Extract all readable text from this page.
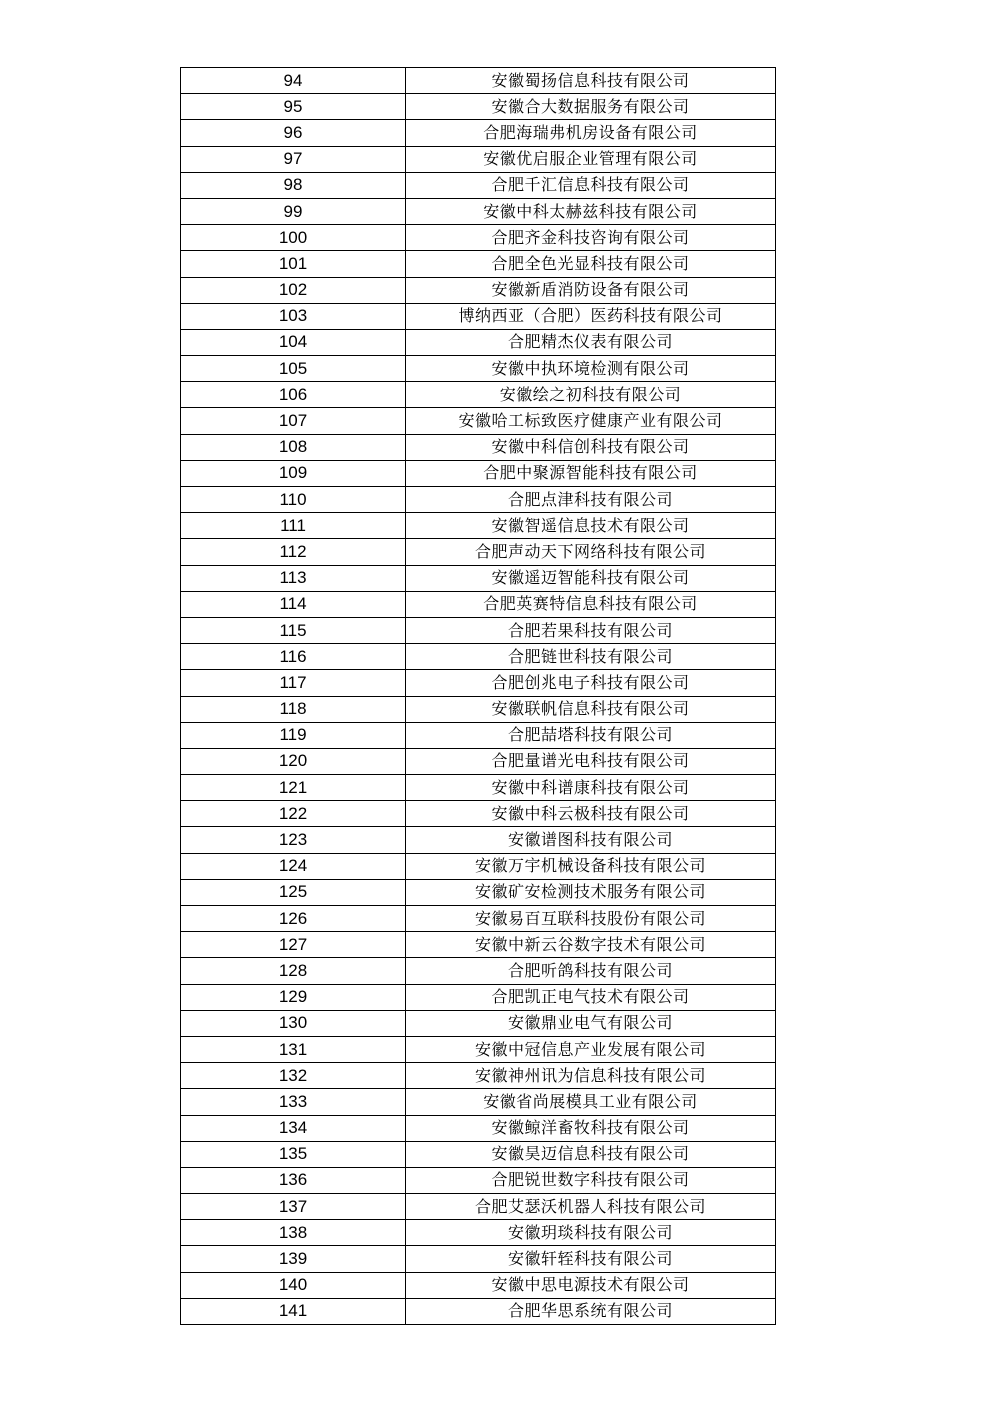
94	安徽蜀扬信息科技有限公司
95	安徽合大数据服务有限公司
96	合肥海瑞弗机房设备有限公司
97	安徽优启服企业管理有限公司
98	合肥千汇信息科技有限公司
99	安徽中科太赫兹科技有限公司
100	合肥齐金科技咨询有限公司
101	合肥全色光显科技有限公司
102	安徽新盾消防设备有限公司
103	博纳西亚（合肥）医药科技有限公司
104	合肥精杰仪表有限公司
105	安徽中执环境检测有限公司
106	安徽绘之初科技有限公司
107	安徽哈工标致医疗健康产业有限公司
108	安徽中科信创科技有限公司
109	合肥中聚源智能科技有限公司
110	合肥点津科技有限公司
111	安徽智遥信息技术有限公司
112	合肥声动天下网络科技有限公司
113	安徽遥迈智能科技有限公司
114	合肥英赛特信息科技有限公司
115	合肥若果科技有限公司
116	合肥链世科技有限公司
117	合肥创兆电子科技有限公司
118	安徽联帆信息科技有限公司
119	合肥喆塔科技有限公司
120	合肥量谱光电科技有限公司
121	安徽中科谱康科技有限公司
122	安徽中科云极科技有限公司
123	安徽谱图科技有限公司
124	安徽万宇机械设备科技有限公司
125	安徽矿安检测技术服务有限公司
126	安徽易百互联科技股份有限公司
127	安徽中新云谷数字技术有限公司
128	合肥听鸽科技有限公司
129	合肥凯正电气技术有限公司
130	安徽鼎业电气有限公司
131	安徽中冠信息产业发展有限公司
132	安徽神州讯为信息科技有限公司
133	安徽省尚展模具工业有限公司
134	安徽鲸洋畜牧科技有限公司
135	安徽昊迈信息科技有限公司
136	合肥锐世数字科技有限公司
137	合肥艾瑟沃机器人科技有限公司
138	安徽玥琰科技有限公司
139	安徽轩轾科技有限公司
140	安徽中思电源技术有限公司
141	合肥华思系统有限公司
